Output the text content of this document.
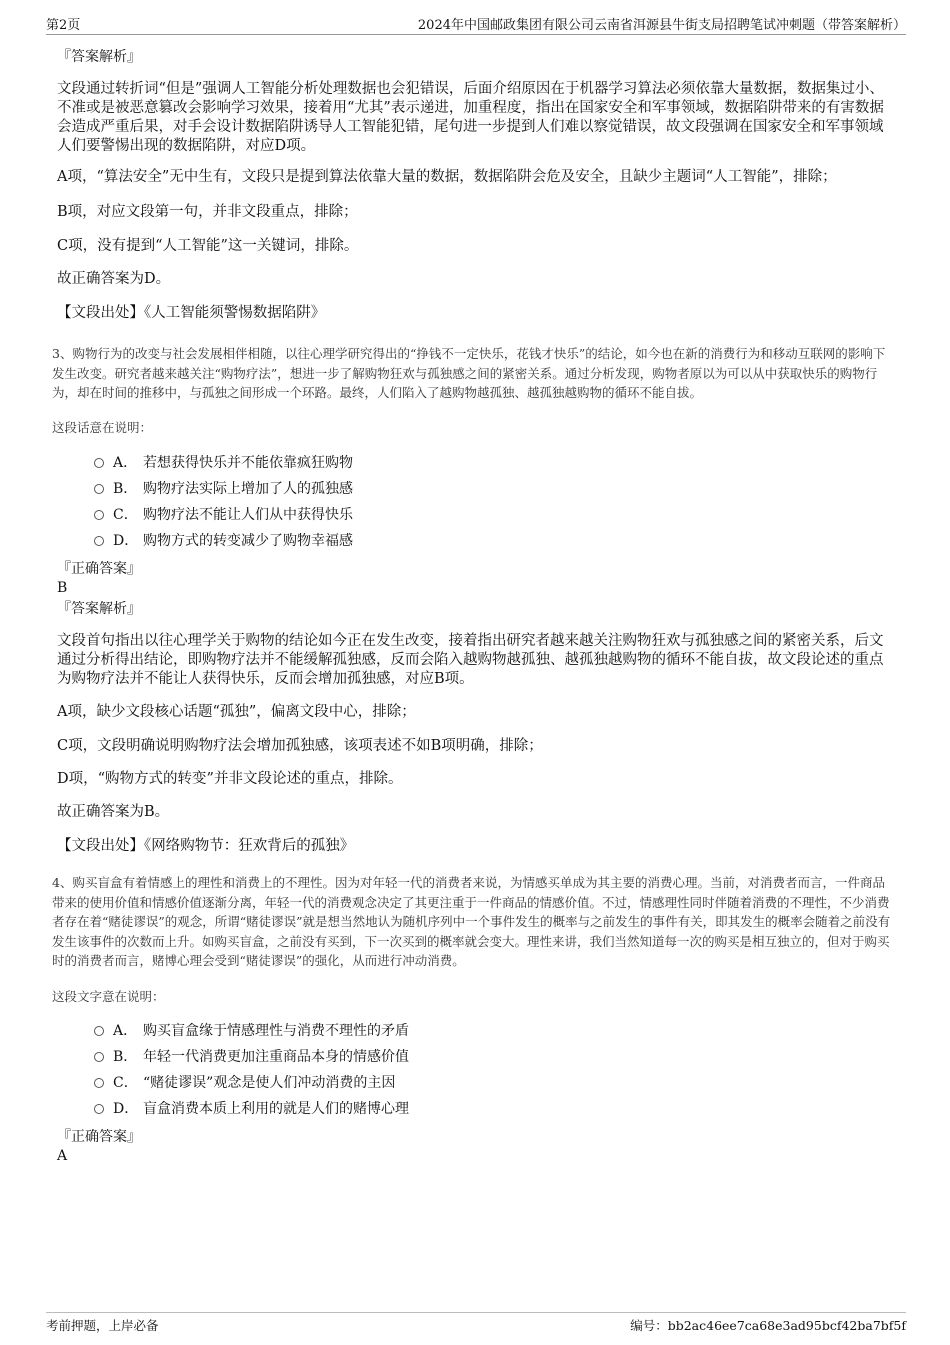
第2页	2024年中国邮政集团有限公司云南省洱源县牛街支局招聘笔试冲刺题（带答案解析）
『答案解析』
文段通过转折词“但是”强调人工智能分析处理数据也会犯错误，后面介绍原因在于机器学习算法必须依靠大量数据，数据集过小、不准或是被恶意篡改会影响学习效果，接着用“尤其”表示递进，加重程度，指出在国家安全和军事领域，数据陷阱带来的有害数据会造成严重后果，对手会设计数据陷阱诱导人工智能犯错，尾句进一步提到人们难以察觉错误，故文段强调在国家安全和军事领域人们要警惕出现的数据陷阱，对应D项。
A项，“算法安全”无中生有，文段只是提到算法依靠大量的数据，数据陷阱会危及安全，且缺少主题词“人工智能”，排除；
B项，对应文段第一句，并非文段重点，排除；
C项，没有提到“人工智能”这一关键词，排除。
故正确答案为D。
【文段出处】《人工智能须警惕数据陷阱》
3、购物行为的改变与社会发展相伴相随，以往心理学研究得出的“挣钱不一定快乐，花钱才快乐”的结论，如今也在新的消费行为和移动互联网的影响下发生改变。研究者越来越关注“购物疗法”，想进一步了解购物狂欢与孤独感之间的紧密关系。通过分析发现，购物者原以为可以从中获取快乐的购物行为，却在时间的推移中，与孤独之间形成一个环路。最终，人们陷入了越购物越孤独、越孤独越购物的循环不能自拔。
这段话意在说明：
A． 若想获得快乐并不能依靠疯狂购物
B． 购物疗法实际上增加了人的孤独感
C． 购物疗法不能让人们从中获得快乐
D． 购物方式的转变减少了购物幸福感
『正确答案』
B
『答案解析』
文段首句指出以往心理学关于购物的结论如今正在发生改变，接着指出研究者越来越关注购物狂欢与孤独感之间的紧密关系，后文通过分析得出结论，即购物疗法并不能缓解孤独感，反而会陷入越购物越孤独、越孤独越购物的循环不能自拔，故文段论述的重点为购物疗法并不能让人获得快乐，反而会增加孤独感，对应B项。
A项，缺少文段核心话题“孤独”，偏离文段中心，排除；
C项，文段明确说明购物疗法会增加孤独感，该项表述不如B项明确，排除；
D项，“购物方式的转变”并非文段论述的重点，排除。
故正确答案为B。
【文段出处】《网络购物节：狂欢背后的孤独》
4、购买盲盒有着情感上的理性和消费上的不理性。因为对年轻一代的消费者来说，为情感买单成为其主要的消费心理。当前，对消费者而言，一件商品带来的使用价值和情感价值逐渐分离，年轻一代的消费观念决定了其更注重于一件商品的情感价值。不过，情感理性同时伴随着消费的不理性，不少消费者存在着“赌徒谬误”的观念，所谓“赌徒谬误”就是想当然地认为随机序列中一个事件发生的概率与之前发生的事件有关，即其发生的概率会随着之前没有发生该事件的次数而上升。如购买盲盒，之前没有买到，下一次买到的概率就会变大。理性来讲，我们当然知道每一次的购买是相互独立的，但对于购买时的消费者而言，赌博心理会受到“赌徒谬误”的强化，从而进行冲动消费。
这段文字意在说明：
A． 购买盲盒缘于情感理性与消费不理性的矛盾
B． 年轻一代消费更加注重商品本身的情感价值
C． “赌徒谬误”观念是使人们冲动消费的主因
D． 盲盒消费本质上利用的就是人们的赌博心理
『正确答案』
A
考前押题，上岸必备	编号：bb2ac46ee7ca68e3ad95bcf42ba7bf5f
